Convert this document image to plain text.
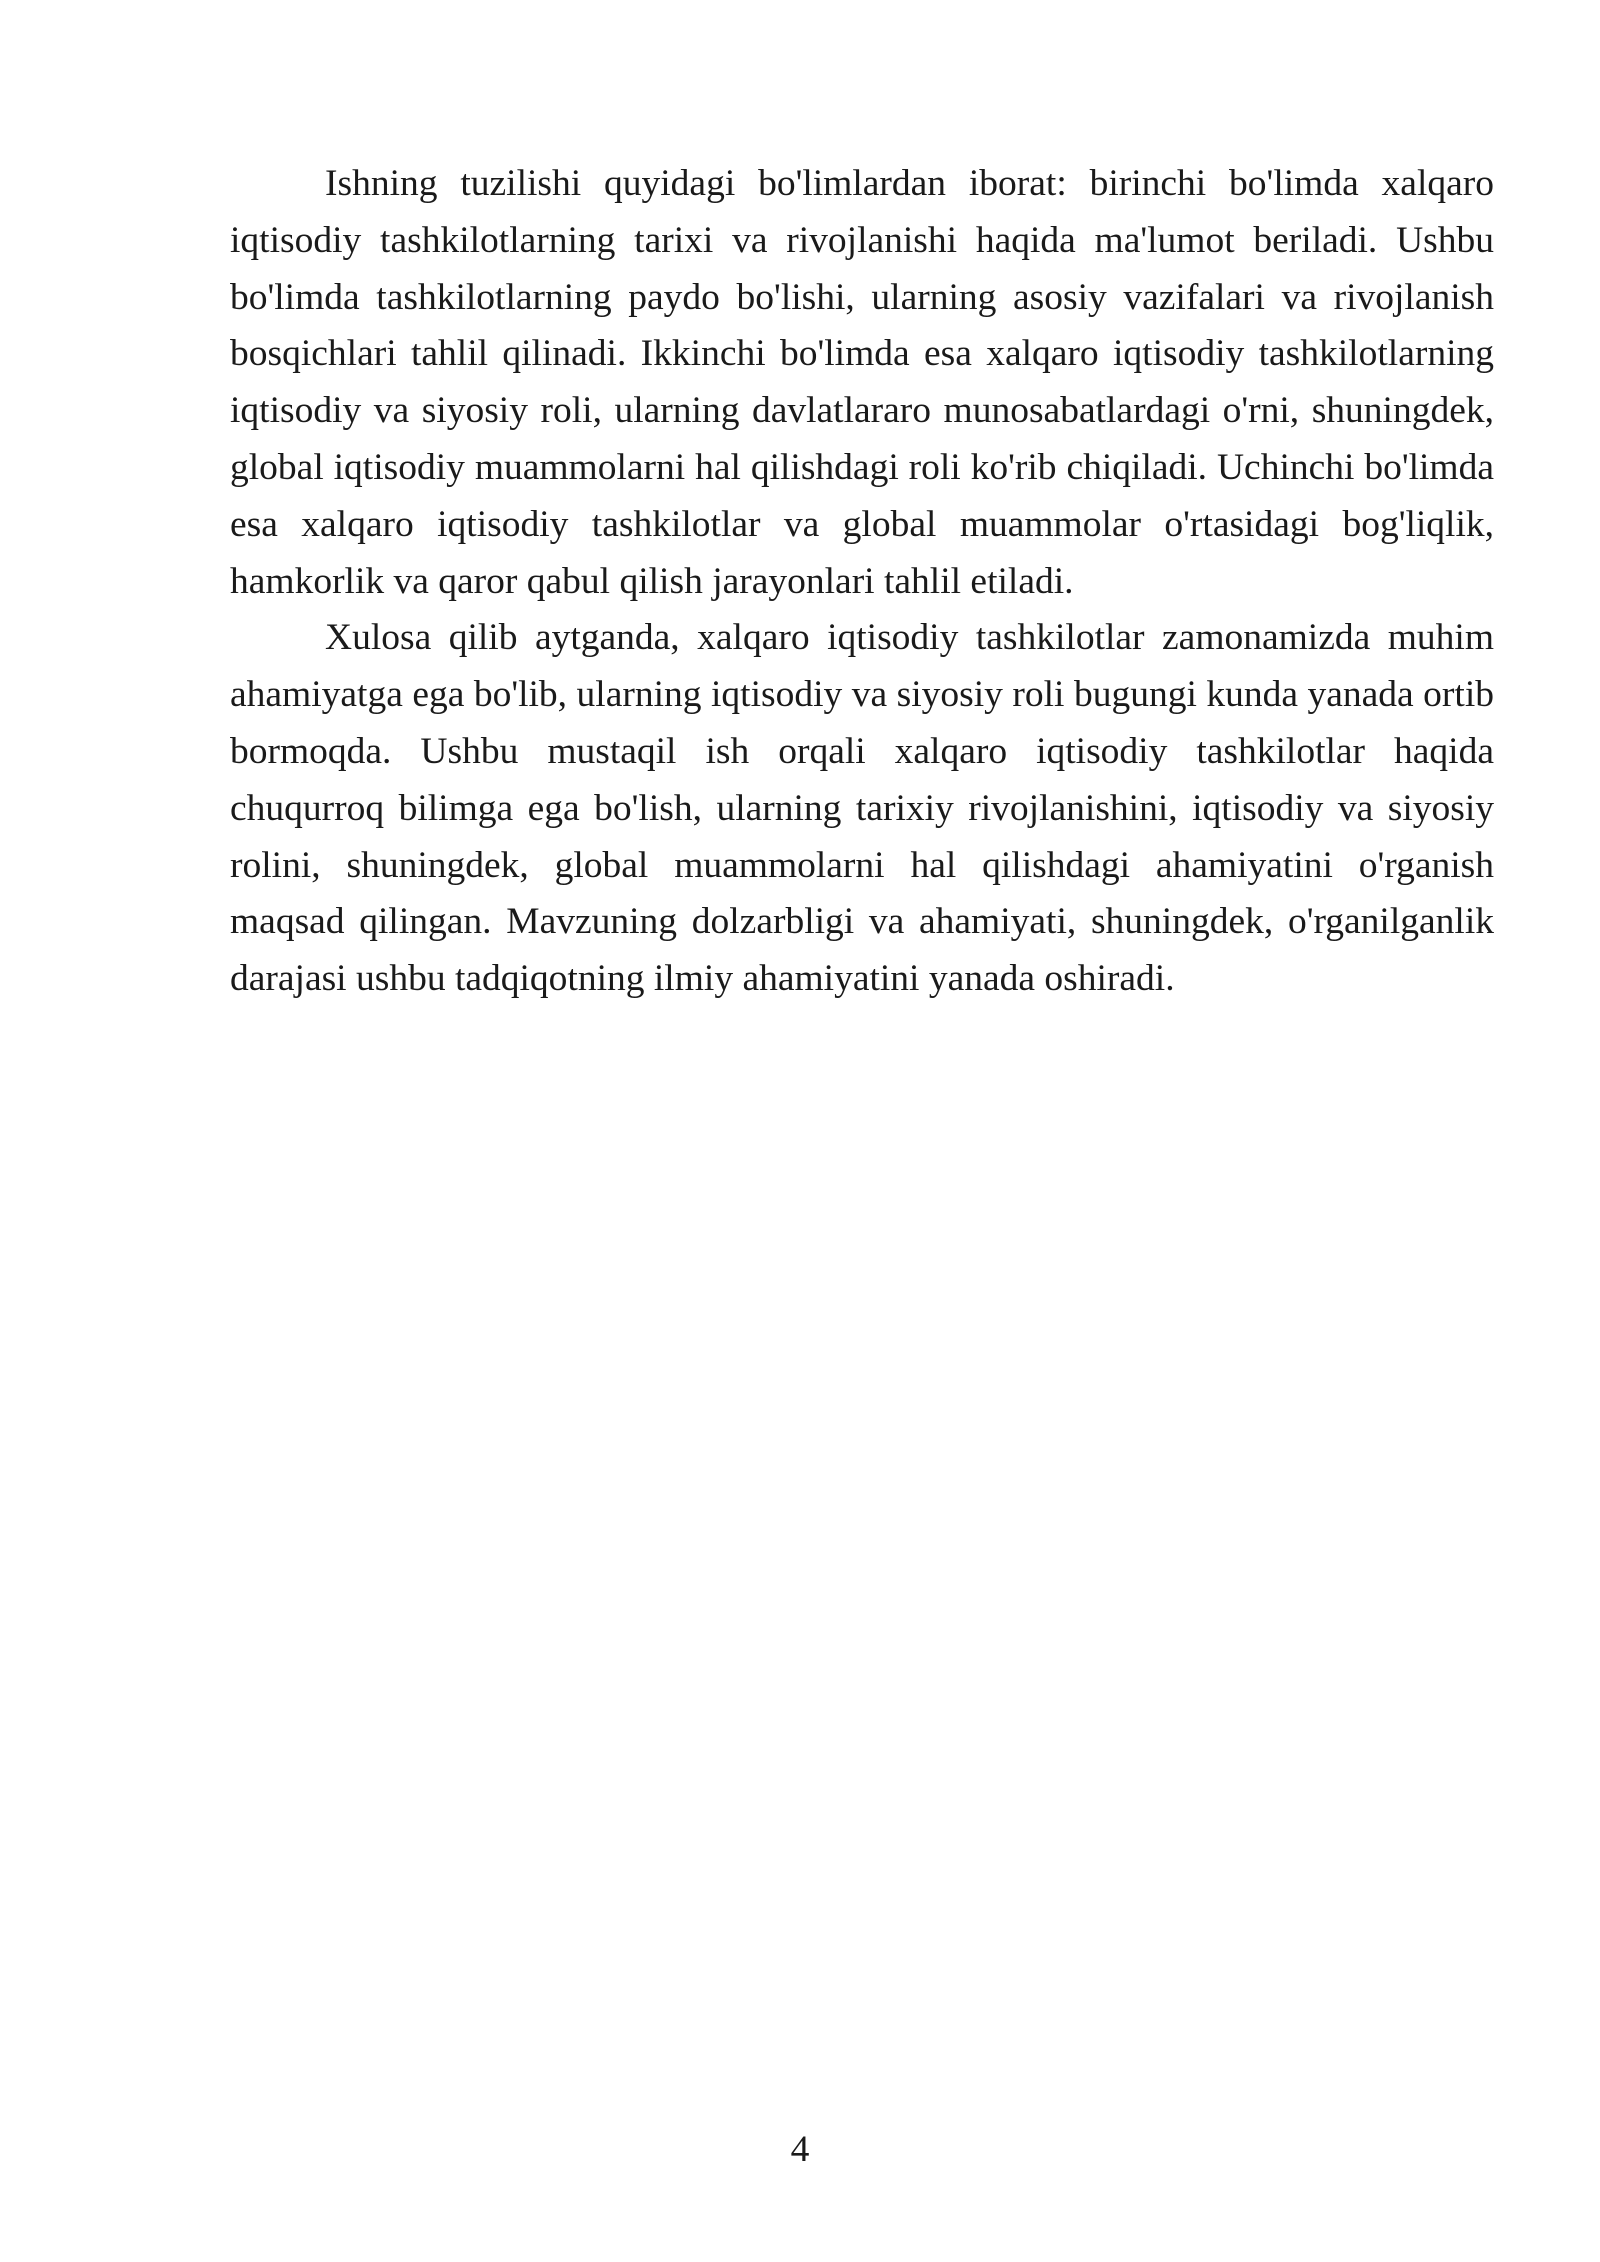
Ishning tuzilishi quyidagi bo'limlardan iborat: birinchi bo'limda xalqaro iqtisodiy tashkilotlarning tarixi va rivojlanishi haqida ma'lumot beriladi. Ushbu bo'limda tashkilotlarning paydo bo'lishi, ularning asosiy vazifalari va rivojlanish bosqichlari tahlil qilinadi. Ikkinchi bo'limda esa xalqaro iqtisodiy tashkilotlarning iqtisodiy va siyosiy roli, ularning davlatlararo munosabatlardagi o'rni, shuningdek, global iqtisodiy muammolarni hal qilishdagi roli ko'rib chiqiladi. Uchinchi bo'limda esa xalqaro iqtisodiy tashkilotlar va global muammolar o'rtasidagi bog'liqlik, hamkorlik va qaror qabul qilish jarayonlari tahlil etiladi.

Xulosa qilib aytganda, xalqaro iqtisodiy tashkilotlar zamonamizda muhim ahamiyatga ega bo'lib, ularning iqtisodiy va siyosiy roli bugungi kunda yanada ortib bormoqda. Ushbu mustaqil ish orqali xalqaro iqtisodiy tashkilotlar haqida chuqurroq bilimga ega bo'lish, ularning tarixiy rivojlanishini, iqtisodiy va siyosiy rolini, shuningdek, global muammolarni hal qilishdagi ahamiyatini o'rganish maqsad qilingan. Mavzuning dolzarbligi va ahamiyati, shuningdek, o'rganilganlik darajasi ushbu tadqiqotning ilmiy ahamiyatini yanada oshiradi.

4
